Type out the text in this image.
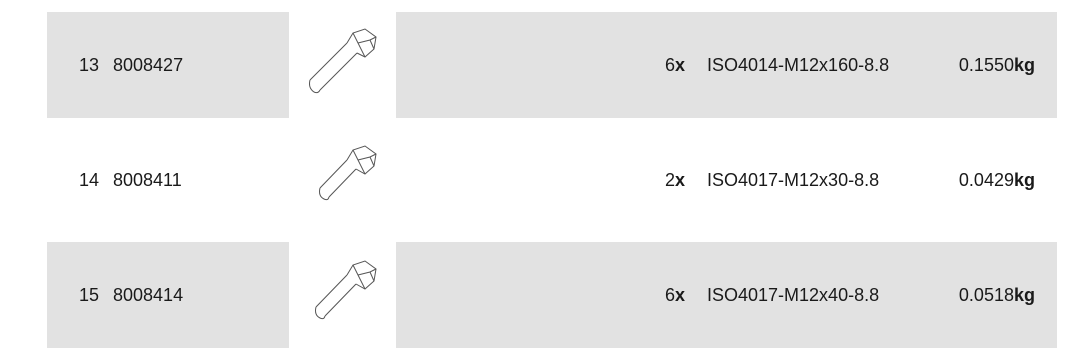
13 8008427	6 x ISO4014-M12x160-8.8	0.1550 kg
14 8008411	2 x ISO4017-M12x30-8.8	0.0429 kg
15 8008414	6 x ISO4017-M12x40-8.8	0.0518 kg
